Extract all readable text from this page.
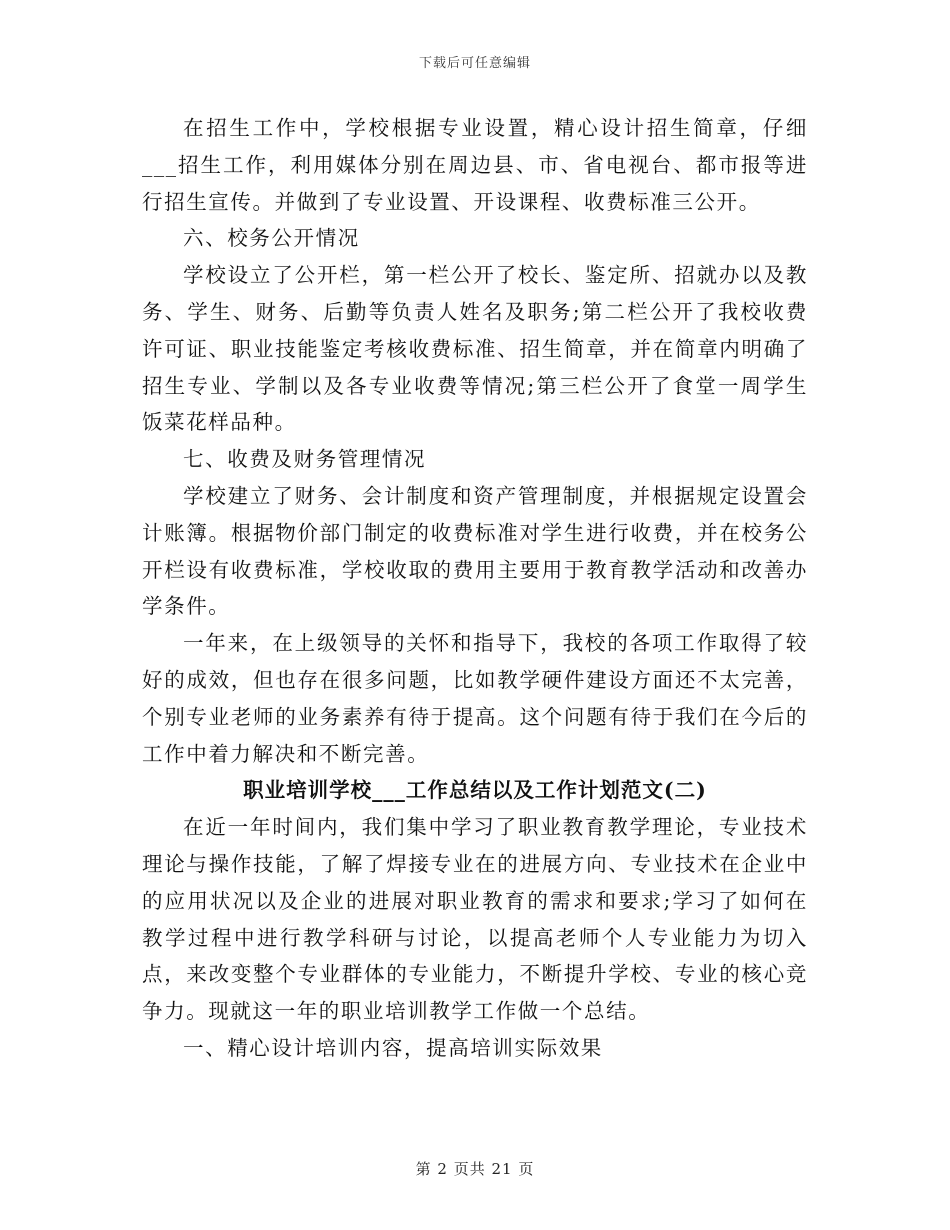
下载后可任意编辑

在招生工作中，学校根据专业设置，精心设计招生简章，仔细___招生工作，利用媒体分别在周边县、市、省电视台、都市报等进行招生宣传。并做到了专业设置、开设课程、收费标准三公开。

六、校务公开情况

学校设立了公开栏，第一栏公开了校长、鉴定所、招就办以及教务、学生、财务、后勤等负责人姓名及职务;第二栏公开了我校收费许可证、职业技能鉴定考核收费标准、招生简章，并在简章内明确了招生专业、学制以及各专业收费等情况;第三栏公开了食堂一周学生饭菜花样品种。

七、收费及财务管理情况

学校建立了财务、会计制度和资产管理制度，并根据规定设置会计账簿。根据物价部门制定的收费标准对学生进行收费，并在校务公开栏设有收费标准，学校收取的费用主要用于教育教学活动和改善办学条件。

一年来，在上级领导的关怀和指导下，我校的各项工作取得了较好的成效，但也存在很多问题，比如教学硬件建设方面还不太完善，个别专业老师的业务素养有待于提高。这个问题有待于我们在今后的工作中着力解决和不断完善。

职业培训学校___工作总结以及工作计划范文(二)

在近一年时间内，我们集中学习了职业教育教学理论，专业技术理论与操作技能，了解了焊接专业在的进展方向、专业技术在企业中的应用状况以及企业的进展对职业教育的需求和要求;学习了如何在教学过程中进行教学科研与讨论，以提高老师个人专业能力为切入点，来改变整个专业群体的专业能力，不断提升学校、专业的核心竞争力。现就这一年的职业培训教学工作做一个总结。

一、精心设计培训内容，提高培训实际效果

第 2 页共 21 页
